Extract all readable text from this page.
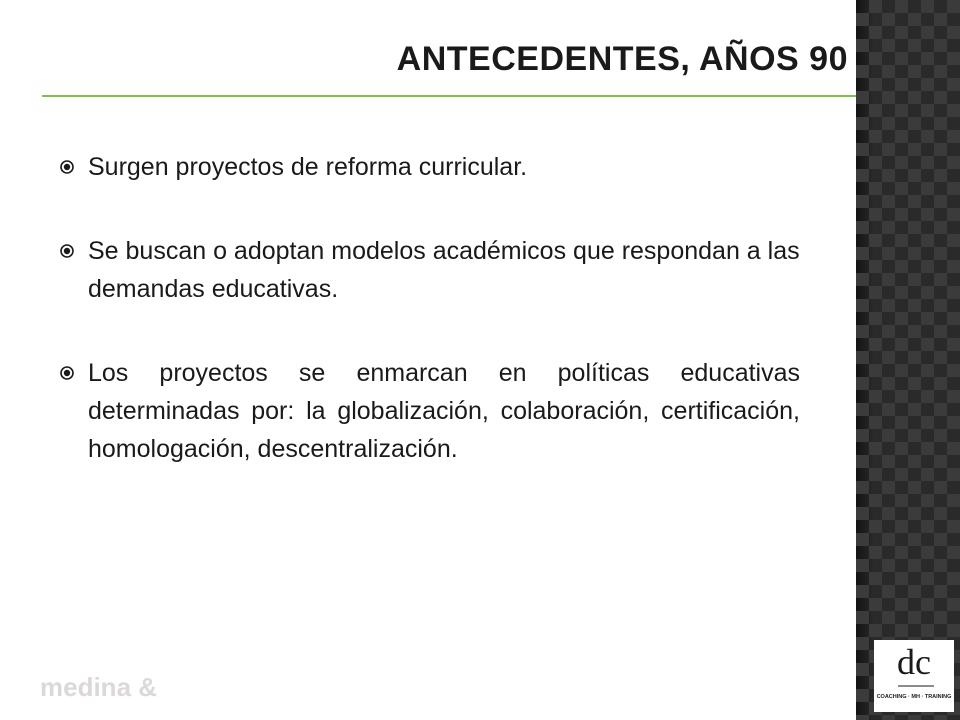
ANTECEDENTES, AÑOS 90

Surgen proyectos de reforma curricular.

Se buscan o adoptan modelos académicos que respondan a las demandas educativas.

Los proyectos se enmarcan en políticas educativas determinadas por: la globalización, colaboración, certificación, homologación, descentralización.

medina &
dc
COACHING · MH · TRAINING
